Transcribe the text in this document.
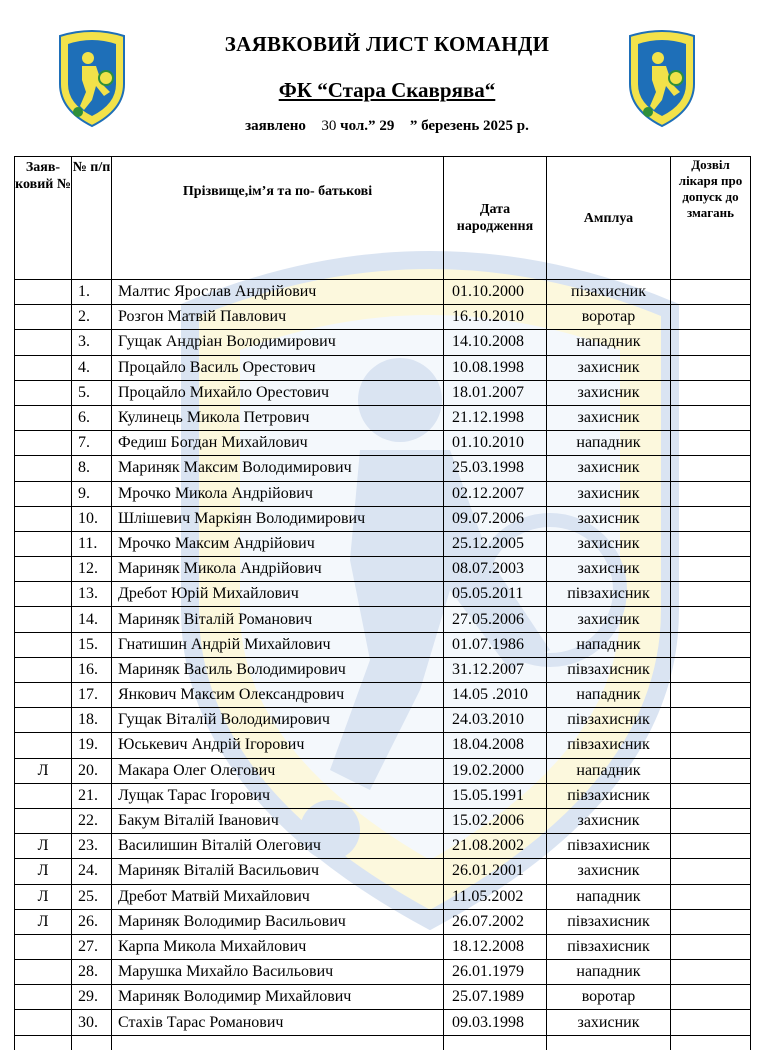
ЗАЯВКОВИЙ ЛИСТ КОМАНДИ
ФК “Стара Скаврява“
заявлено 30 чол.” 29 ” березень 2025 р.
Заяв-ковий №	№ п/п	Прізвище,ім’я та по- батькові	Дата народження	Амплуа	Дозвіл лікаря про допуск до змагань
	1.	Малтис Ярослав Андрійович	01.10.2000	пізахисник	
	2.	Розгон Матвій Павлович	16.10.2010	воротар	
	3.	Гущак Андріан Володимирович	14.10.2008	нападник	
	4.	Процайло Василь Орестович	10.08.1998	захисник	
	5.	Процайло Михайло Орестович	18.01.2007	захисник	
	6.	Кулинець Микола Петрович	21.12.1998	захисник	
	7.	Федиш Богдан Михайлович	01.10.2010	нападник	
	8.	Мариняк Максим Володимирович	25.03.1998	захисник	
	9.	Мрочко Микола Андрійович	02.12.2007	захисник	
	10.	Шлішевич Маркіян Володимирович	09.07.2006	захисник	
	11.	Мрочко Максим Андрійович	25.12.2005	захисник	
	12.	Мариняк Микола Андрійович	08.07.2003	захисник	
	13.	Дребот Юрій Михайлович	05.05.2011	півзахисник	
	14.	Мариняк Віталій Романович	27.05.2006	захисник	
	15.	Гнатишин Андрій Михайлович	01.07.1986	нападник	
	16.	Мариняк Василь Володимирович	31.12.2007	півзахисник	
	17.	Янкович Максим Олександрович	14.05 .2010	нападник	
	18.	Гущак Віталій Володимирович	24.03.2010	півзахисник	
	19.	Юськевич Андрій Ігорович	18.04.2008	півзахисник	
Л	20.	Макара Олег Олегович	19.02.2000	нападник	
	21.	Лущак Тарас Ігорович	15.05.1991	півзахисник	
	22.	Бакум Віталій Іванович	15.02.2006	захисник	
Л	23.	Василишин Віталій Олегович	21.08.2002	півзахисник	
Л	24.	Мариняк Віталій Васильович	26.01.2001	захисник	
Л	25.	Дребот Матвій Михайлович	11.05.2002	нападник	
Л	26.	Мариняк Володимир Васильович	26.07.2002	півзахисник	
	27.	Карпа Микола Михайлович	18.12.2008	півзахисник	
	28.	Марушка Михайло Васильович	26.01.1979	нападник	
	29.	Мариняк Володимир Михайлович	25.07.1989	воротар	
	30.	Стахів Тарас Романович	09.03.1998	захисник	
